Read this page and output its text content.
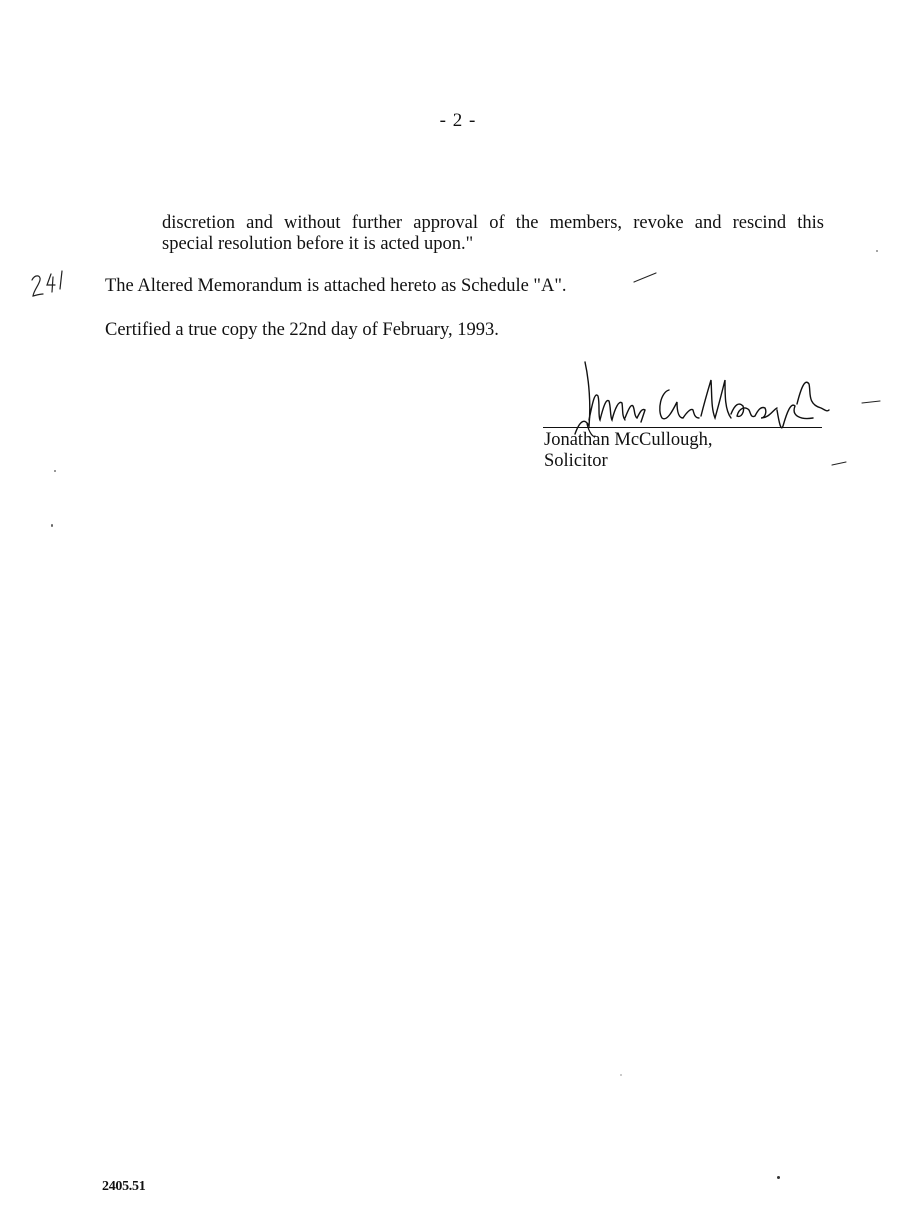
- 2 -
discretion and without further approval of the members, revoke and rescind this
special resolution before it is acted upon."
The Altered Memorandum is attached hereto as Schedule "A".
Certified a true copy the 22nd day of February, 1993.
Jonathan McCullough,
Solicitor
2405.51
